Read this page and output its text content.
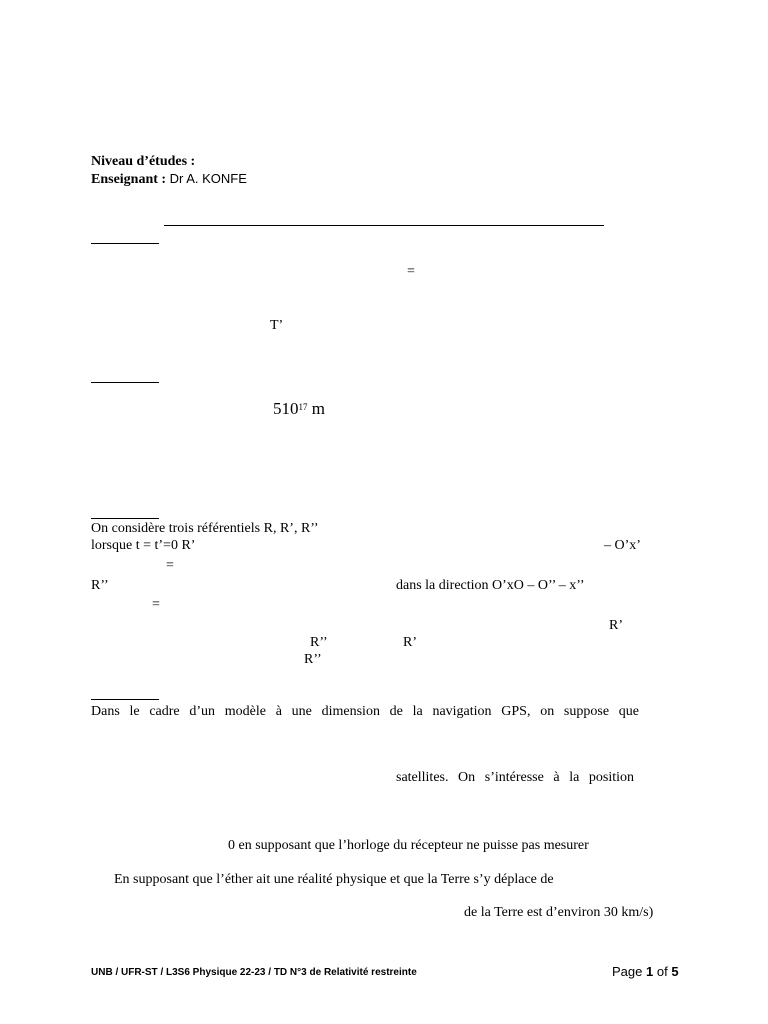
Niveau d’études :
Enseignant : Dr A. KONFE
=
T’
$510^{17}$ m
On considère trois référentiels R, R’, R’’
lorsque t = t’=0 R’	– O’x’
=
R’’	dans la direction O’xO – O’’ – x’’
=
R’
R’’	R’
R’’
Dans le cadre d’un modèle à une dimension de la navigation GPS, on suppose que
satellites. On s’intéresse à la position
0 en supposant que l’horloge du récepteur ne puisse pas mesurer
En supposant que l’éther ait une réalité physique et que la Terre s’y déplace de
de la Terre est d’environ 30 km/s)
UNB / UFR-ST / L3S6 Physique 22-23 / TD N°3 de Relativité restreinte	Page 1 of 5
